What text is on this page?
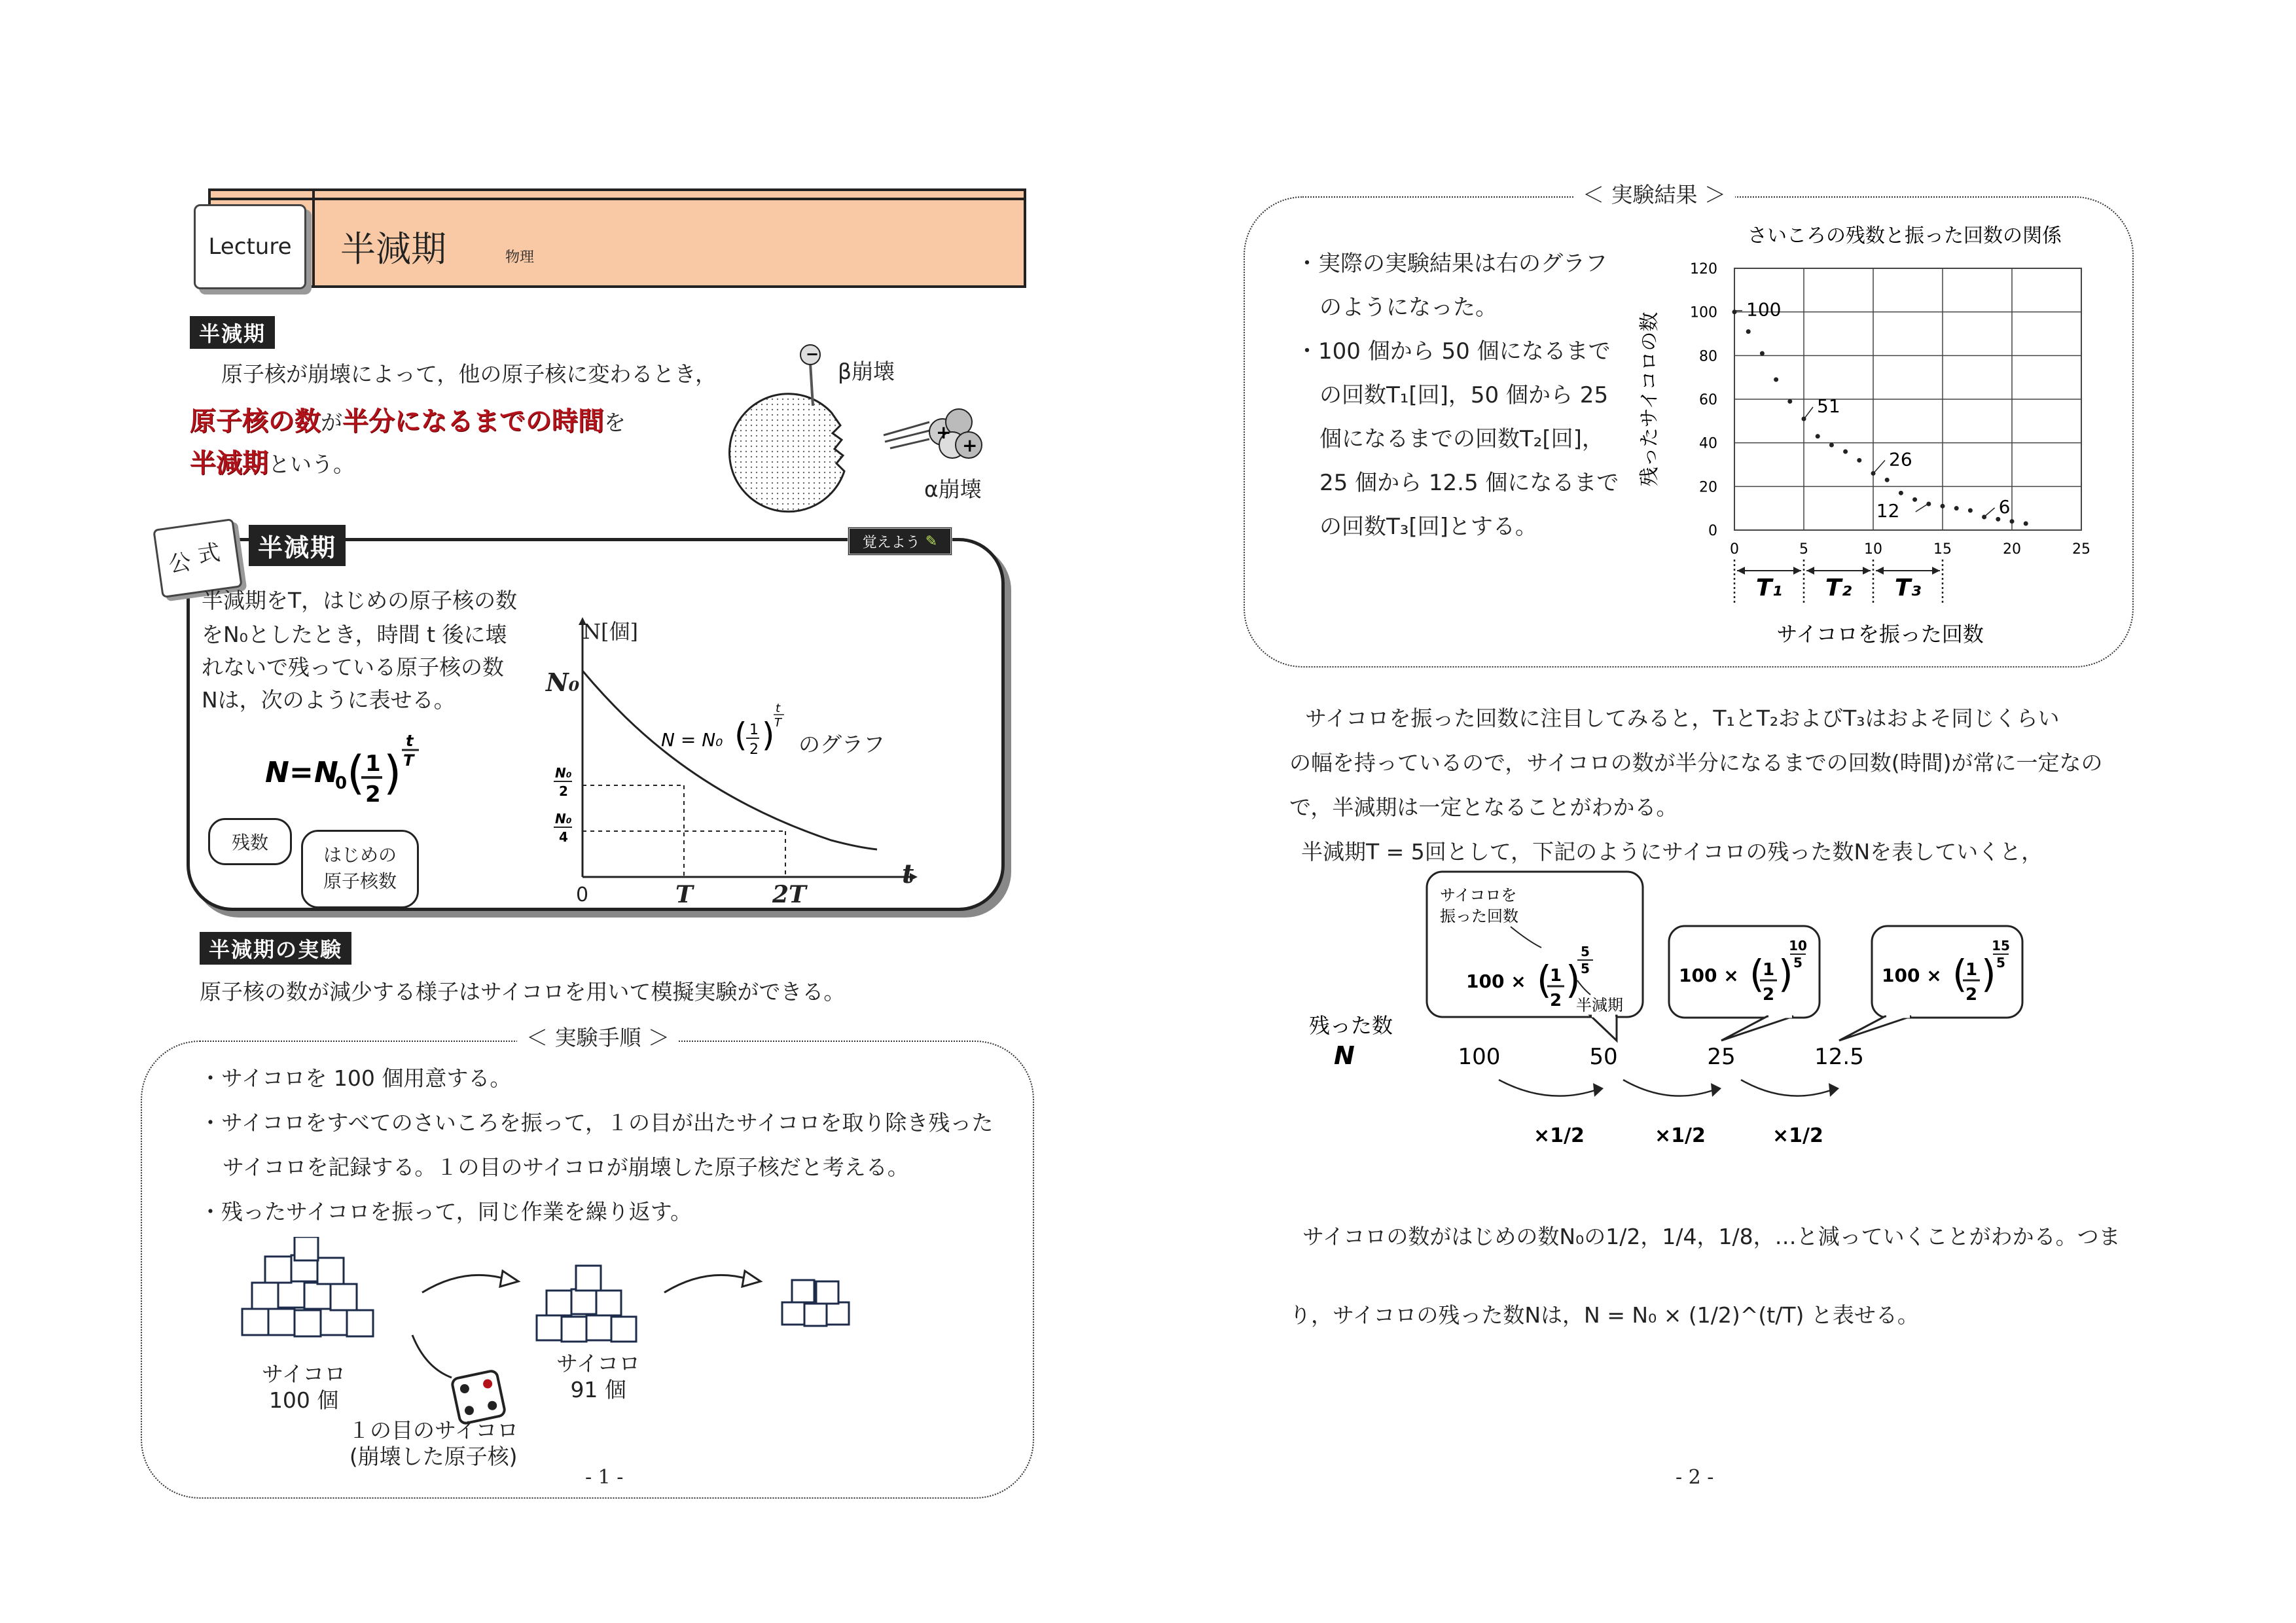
Lecture	半減期	物理
半減期
原子核が崩壊によって，他の原子核に変わるとき，
原子核の数が半分になるまでの時間を
半減期という。
−
+
+
β崩壊
α崩壊
公 式	半減期	覚えよう ✎
半減期をT，はじめの原子核の数
をN₀としたとき，時間 t 後に壊
れないで残っている原子核の数
Nは，次のように表せる。
N = N
0 ( 1
2 )
t
T
残数
はじめの
原子核数
N₀
2
N₀
4
N = N₀ ( 1
2 )
t
T
N[個]
N₀
のグラフ
0	T	2T
t
半減期の実験
原子核の数が減少する様子はサイコロを用いて模擬実験ができる。
＜ 実験手順 ＞
・サイコロを 100 個用意する。
・サイコロをすべてのさいころを振って，１の目が出たサイコロを取り除き残った
サイコロを記録する。１の目のサイコロが崩壊した原子核だと考える。
・残ったサイコロを振って，同じ作業を繰り返す。
サイコロ
100 個
サイコロ
91 個
１の目のサイコロ
(崩壊した原子核)
- 1 -
＜ 実験結果 ＞
・実際の実験結果は右のグラフ
のようになった。
・100 個から 50 個になるまで
の回数T₁[回]，50 個から 25
個になるまでの回数T₂[回]，
25 個から 12.5 個になるまで
の回数T₃[回]とする。
さいころの残数と振った回数の関係
0	5	10	15	20	25
0
20
40
60
80
100
120
残ったサイコロの数
100
51
26
12	6
T₁ T₂ T₃
サイコロを振った回数
サイコロを振った回数に注目してみると，T₁とT₂およびT₃はおよそ同じくらい
の幅を持っているので，サイコロの数が半分になるまでの回数(時間)が常に一定なの
で，半減期は一定となることがわかる。
半減期T = 5回として，下記のようにサイコロの残った数Nを表していくと，
残った数
N	100	50	25	12.5
×1/2	×1/2	×1/2
100 × (
1
2 )
5
5	100 × (
1
2 )
10
5
100 × (
1
2 )
15
5
サイコロを
振った回数
半減期
サイコロの数がはじめの数N₀の1/2，1/4，1/8，…と減っていくことがわかる。つま
り，サイコロの残った数Nは，N = N₀ × (1/2)^(t/T) と表せる。
- 2 -
